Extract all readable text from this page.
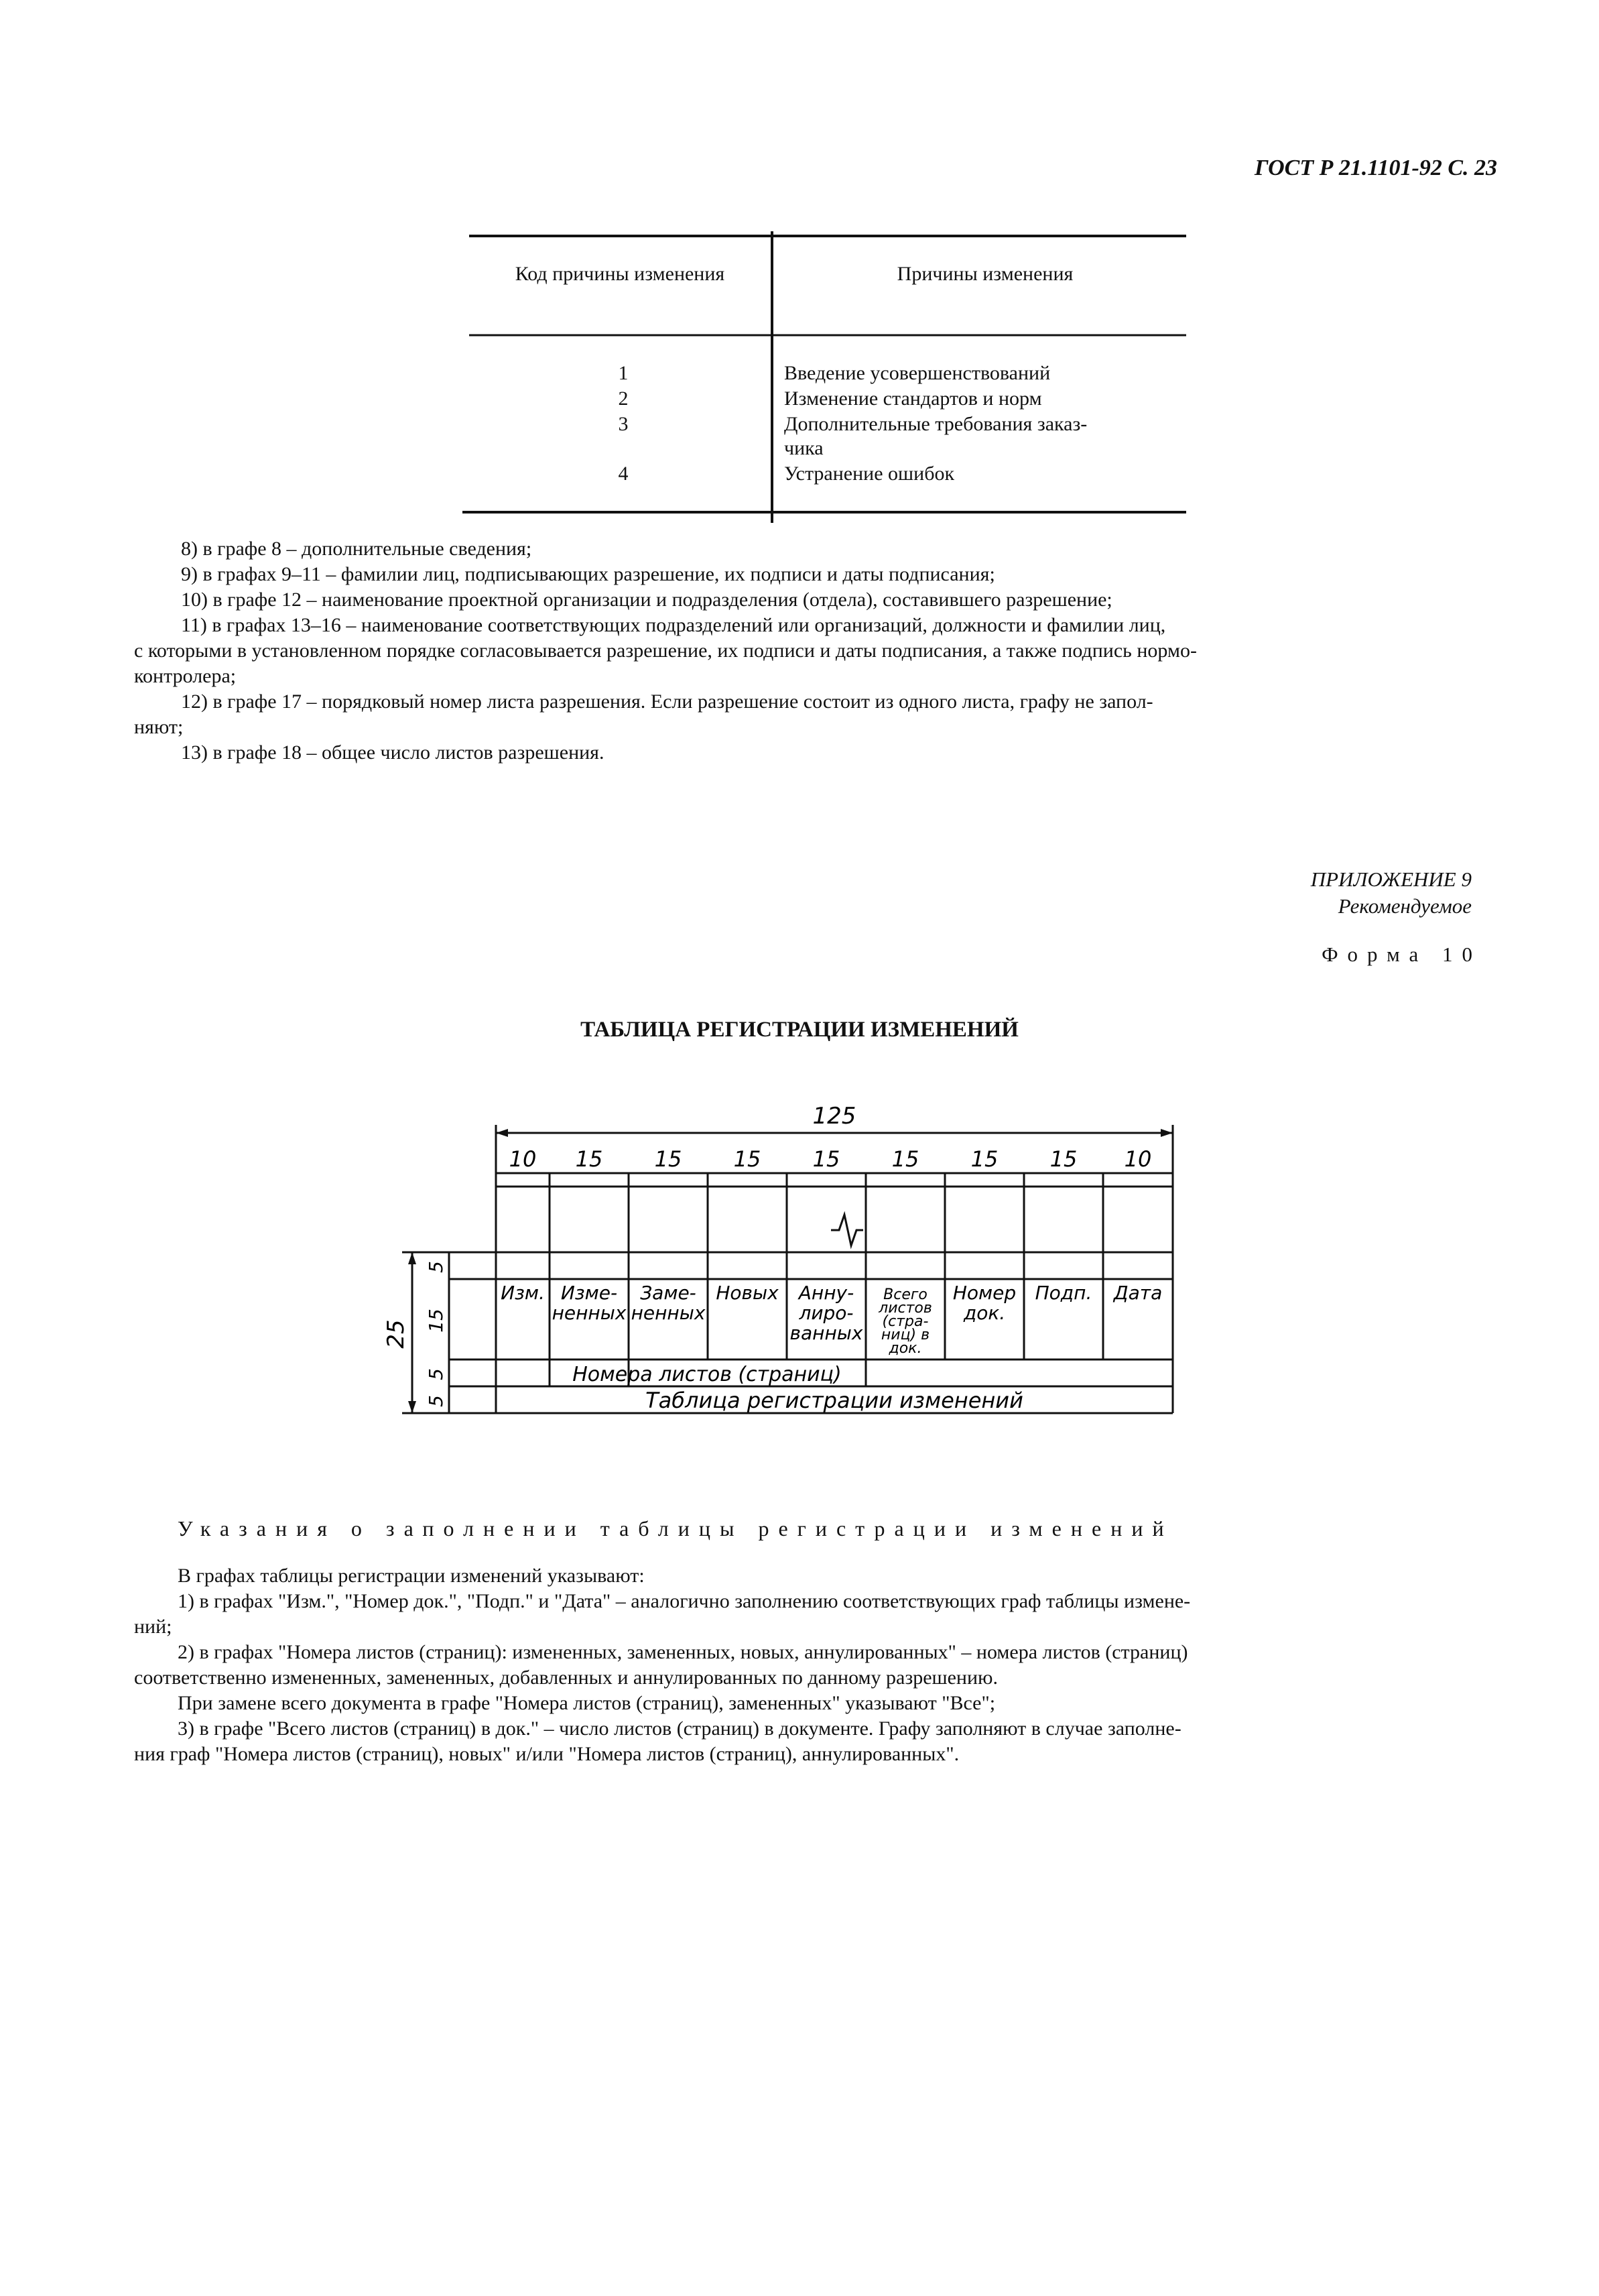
ГОСТ Р 21.1101-92 С. 23
Код причины изменения	Причины изменения
1
2
3
4
Введение усовершенствований
Изменение стандартов и норм
Дополнительные требования заказ-
чика
Устранение ошибок
8) в графе 8 – дополнительные сведения;
9) в графах 9–11 – фамилии лиц, подписывающих разрешение, их подписи и даты подписания;
10) в графе 12 – наименование проектной организации и подразделения (отдела), составившего разрешение;
11) в графах 13–16 – наименование соответствующих подразделений или организаций, должности и фамилии лиц,
с которыми в установленном порядке согласовывается разрешение, их подписи и даты подписания, а также подпись нормо-
контролера;
12) в графе 17 – порядковый номер листа разрешения. Если разрешение состоит из одного листа, графу не запол-
няют;
13) в графе 18 – общее число листов разрешения.
ПРИЛОЖЕНИЕ 9
Рекомендуемое
Форма 10
ТАБЛИЦА РЕГИСТРАЦИИ ИЗМЕНЕНИЙ
125
10 15 15 15 15 15 15 15 10
5
15
5
5
25
Изм. Изме-
ненных
Заме-
ненных
Новых Анну-
лиро-
ванных
Всего
листов
(стра-
ниц) в
док.
Номер
док.
Подп. Дата
Номера листов (страниц)
Таблица регистрации изменений
Указания о заполнении таблицы регистрации изменений
В графах таблицы регистрации изменений указывают:
1) в графах "Изм.", "Номер док.", "Подп." и "Дата" – аналогично заполнению соответствующих граф таблицы измене-
ний;
2) в графах "Номера листов (страниц): измененных, замененных, новых, аннулированных" – номера листов (страниц)
соответственно измененных, замененных, добавленных и аннулированных по данному разрешению.
При замене всего документа в графе "Номера листов (страниц), замененных" указывают "Все";
3) в графе "Всего листов (страниц) в док." – число листов (страниц) в документе. Графу заполняют в случае заполне-
ния граф "Номера листов (страниц), новых" и/или "Номера листов (страниц), аннулированных".
